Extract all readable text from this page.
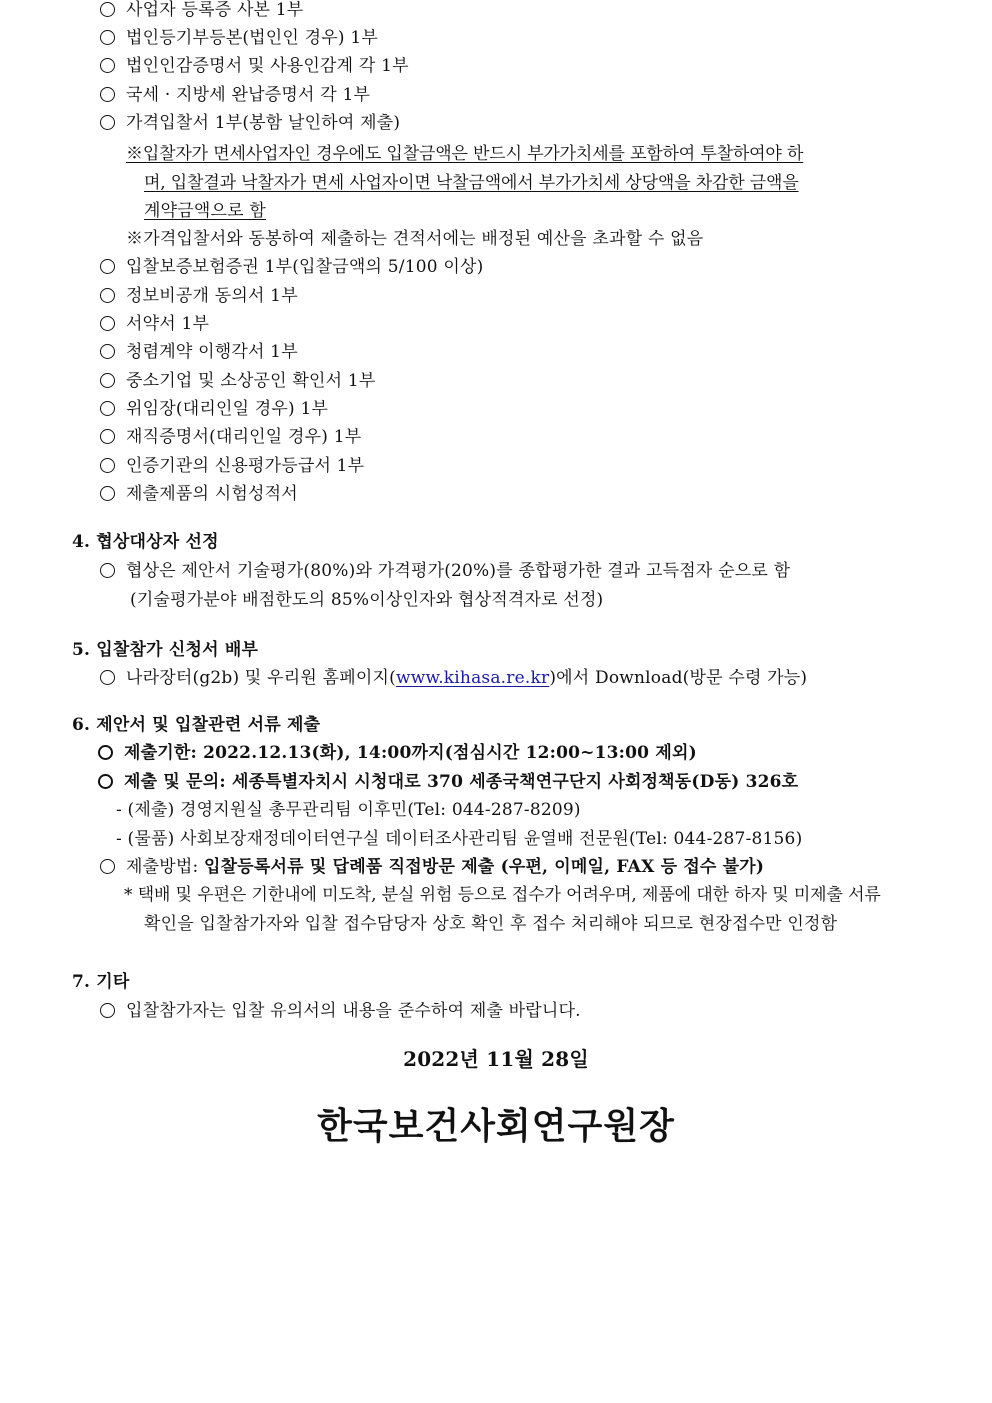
사업자 등록증 사본 1부
법인등기부등본(법인인 경우) 1부
법인인감증명서 및 사용인감계 각 1부
국세 · 지방세 완납증명서 각 1부
가격입찰서 1부(봉함 날인하여 제출)
※입찰자가 면세사업자인 경우에도 입찰금액은 반드시 부가가치세를 포함하여 투찰하여야 하
며, 입찰결과 낙찰자가 면세 사업자이면 낙찰금액에서 부가가치세 상당액을 차감한 금액을
계약금액으로 함
※가격입찰서와 동봉하여 제출하는 견적서에는 배정된 예산을 초과할 수 없음
입찰보증보험증권 1부(입찰금액의 5/100 이상)
정보비공개 동의서 1부
서약서 1부
청렴계약 이행각서 1부
중소기업 및 소상공인 확인서 1부
위임장(대리인일 경우) 1부
재직증명서(대리인일 경우) 1부
인증기관의 신용평가등급서 1부
제출제품의 시험성적서
4. 협상대상자 선정
협상은 제안서 기술평가(80%)와 가격평가(20%)를 종합평가한 결과 고득점자 순으로 함
(기술평가분야 배점한도의 85%이상인자와 협상적격자로 선정)
5. 입찰참가 신청서 배부
나라장터(g2b) 및 우리원 홈페이지(www.kihasa.re.kr)에서 Download(방문 수령 가능)
6. 제안서 및 입찰관련 서류 제출
제출기한: 2022.12.13(화), 14:00까지(점심시간 12:00~13:00 제외)
제출 및 문의: 세종특별자치시 시청대로 370 세종국책연구단지 사회정책동(D동) 326호
- (제출) 경영지원실 총무관리팀 이후민(Tel: 044-287-8209)
- (물품) 사회보장재정데이터연구실 데이터조사관리팀 윤열배 전문원(Tel: 044-287-8156)
제출방법: 입찰등록서류 및 답례품 직접방문 제출 (우편, 이메일, FAX 등 접수 불가)
* 택배 및 우편은 기한내에 미도착, 분실 위험 등으로 접수가 어려우며, 제품에 대한 하자 및 미제출 서류
확인을 입찰참가자와 입찰 접수담당자 상호 확인 후 접수 처리해야 되므로 현장접수만 인정함
7. 기타
입찰참가자는 입찰 유의서의 내용을 준수하여 제출 바랍니다.
2022년 11월 28일
한국보건사회연구원장
